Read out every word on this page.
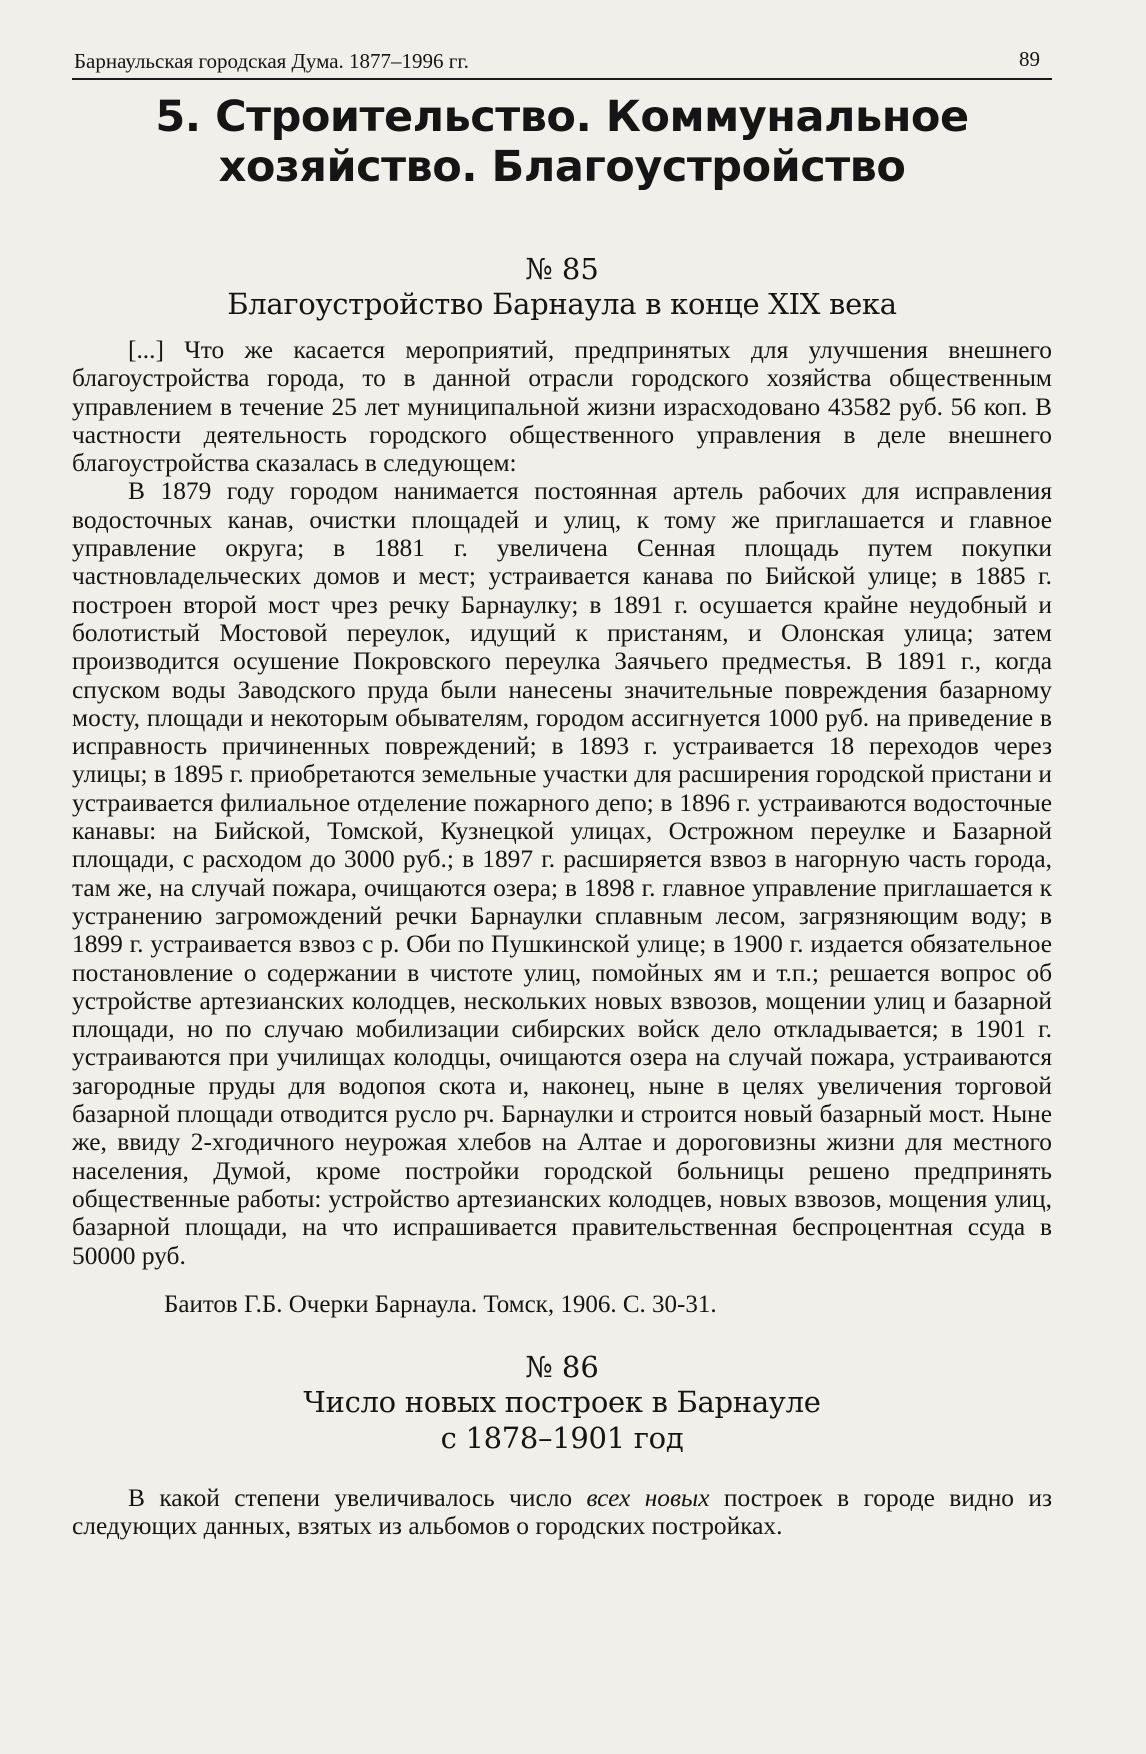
Барнаульская городская Дума. 1877–1996 гг.	89
5. Строительство. Коммунальное
хозяйство. Благоустройство
№ 85
Благоустройство Барнаула в конце XIX века

[...] Что же касается мероприятий, предпринятых для улучшения внешнего благоустройства города, то в данной отрасли городского хозяйства общественным управлением в течение 25 лет муниципальной жизни израсходовано 43582 руб. 56 коп. В частности деятельность городского общественного управления в деле внешнего благоустройства сказалась в следующем:

В 1879 году городом нанимается постоянная артель рабочих для исправления водосточных канав, очистки площадей и улиц, к тому же приглашается и главное управление округа; в 1881 г. увеличена Сенная площадь путем покупки частновладельческих домов и мест; устраивается канава по Бийской улице; в 1885 г. построен второй мост чрез речку Барнаулку; в 1891 г. осушается крайне неудобный и болотистый Мостовой переулок, идущий к пристаням, и Олонская улица; затем производится осушение Покровского переулка Заячьего предместья. В 1891 г., когда спуском воды Заводского пруда были нанесены значительные повреждения базарному мосту, площади и некоторым обывателям, городом ассигнуется 1000 руб. на приведение в исправность причиненных повреждений; в 1893 г. устраивается 18 переходов через улицы; в 1895 г. приобретаются земельные участки для расширения городской пристани и устраивается филиальное отделение пожарного депо; в 1896 г. устраиваются водосточные канавы: на Бийской, Томской, Кузнецкой улицах, Острожном переулке и Базарной площади, с расходом до 3000 руб.; в 1897 г. расширяется взвоз в нагорную часть города, там же, на случай пожара, очищаются озера; в 1898 г. главное управление приглашается к устранению загромождений речки Барнаулки сплавным лесом, загрязняющим воду; в 1899 г. устраивается взвоз с р. Оби по Пушкинской улице; в 1900 г. издается обязательное постановление о содержании в чистоте улиц, помойных ям и т.п.; решается вопрос об устройстве артезианских колодцев, нескольких новых взвозов, мощении улиц и базарной площади, но по случаю мобилизации сибирских войск дело откладывается; в 1901 г. устраиваются при училищах колодцы, очищаются озера на случай пожара, устраиваются загородные пруды для водопоя скота и, наконец, ныне в целях увеличения торговой базарной площади отводится русло рч. Барнаулки и строится новый базарный мост. Ныне же, ввиду 2-хгодичного неурожая хлебов на Алтае и дороговизны жизни для местного населения, Думой, кроме постройки городской больницы решено предпринять общественные работы: устройство артезианских колодцев, новых взвозов, мощения улиц, базарной площади, на что испрашивается правительственная беспроцентная ссуда в 50000 руб.

Баитов Г.Б. Очерки Барнаула. Томск, 1906. С. 30-31.
№ 86
Число новых построек в Барнауле
с 1878–1901 год

В какой степени увеличивалось число всех новых построек в городе видно из следующих данных, взятых из альбомов о городских постройках.
